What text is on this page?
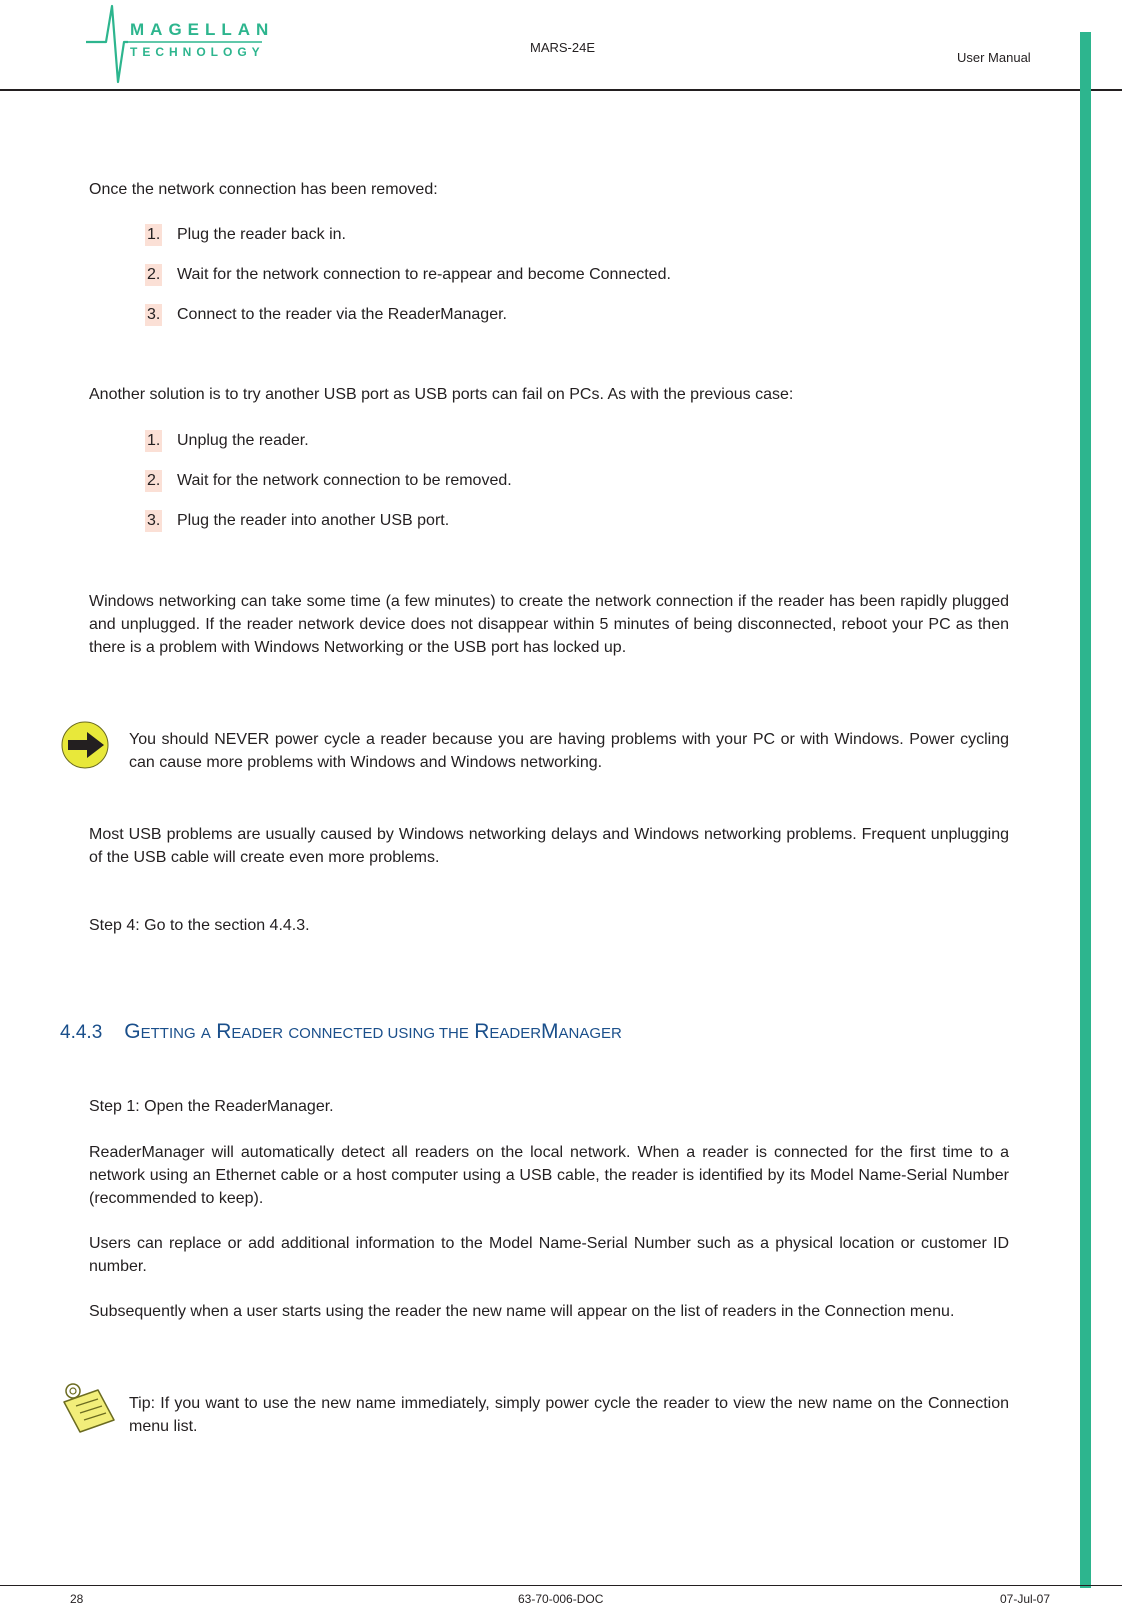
MAGELLAN
TECHNOLOGY	MARS-24E
User Manual

Once the network connection has been removed:

1. Plug the reader back in.
2. Wait for the network connection to re-appear and become Connected.
3. Connect to the reader via the ReaderManager.

Another solution is to try another USB port as USB ports can fail on PCs. As with the previous case:

1. Unplug the reader.
2. Wait for the network connection to be removed.
3. Plug the reader into another USB port.

Windows networking can take some time (a few minutes) to create the network connection if the reader has been rapidly plugged and unplugged. If the reader network device does not disappear within 5 minutes of being disconnected, reboot your PC as then there is a problem with Windows Networking or the USB port has locked up.

You should NEVER power cycle a reader because you are having problems with your PC or with Windows. Power cycling can cause more problems with Windows and Windows networking.

Most USB problems are usually caused by Windows networking delays and Windows networking problems. Frequent unplugging of the USB cable will create even more problems.

Step 4: Go to the section 4.4.3.

4.4.3 GETTING A READER CONNECTED USING THE READERMANAGER

Step 1: Open the ReaderManager.

ReaderManager will automatically detect all readers on the local network. When a reader is connected for the first time to a network using an Ethernet cable or a host computer using a USB cable, the reader is identified by its Model Name-Serial Number (recommended to keep).

Users can replace or add additional information to the Model Name-Serial Number such as a physical location or customer ID number.

Subsequently when a user starts using the reader the new name will appear on the list of readers in the Connection menu.

Tip: If you want to use the new name immediately, simply power cycle the reader to view the new name on the Connection menu list.

28	63-70-006-DOC	07-Jul-07
